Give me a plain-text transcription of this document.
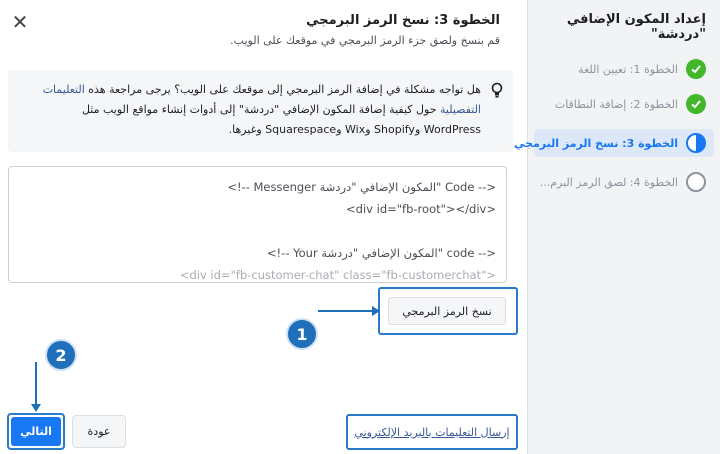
إعداد المكون الإضافي "دردشة"
الخطوة 1: تعيين اللغة
الخطوة 2: إضافة النطاقات
الخطوة 3: نسخ الرمز البرمجي
الخطوة 4: لصق الرمز البرم...
✕	الخطوة 3: نسخ الرمز البرمجي
قم بنسخ ولصق جزء الرمز البرمجي في موقعك على الويب.
هل تواجه مشكلة في إضافة الرمز البرمجي إلى موقعك على الويب؟ يرجى مراجعة هذه التعليمات التفصيلية حول كيفية إضافة المكون الإضافي "دردشة" إلى أدوات إنشاء مواقع الويب مثل WordPress وShopify وWix وSquarespace وغيرها.
<!-- Messenger المكون الإضافي "دردشة" Code -->
<div id="fb-root"></div>
<!-- Your المكون الإضافي "دردشة" code -->
<div id="fb-customer-chat" class="fb-customerchat">
نسخ الرمز البرمجي
1
2
التالي	عودة	إرسال التعليمات بالبريد الإلكتروني
